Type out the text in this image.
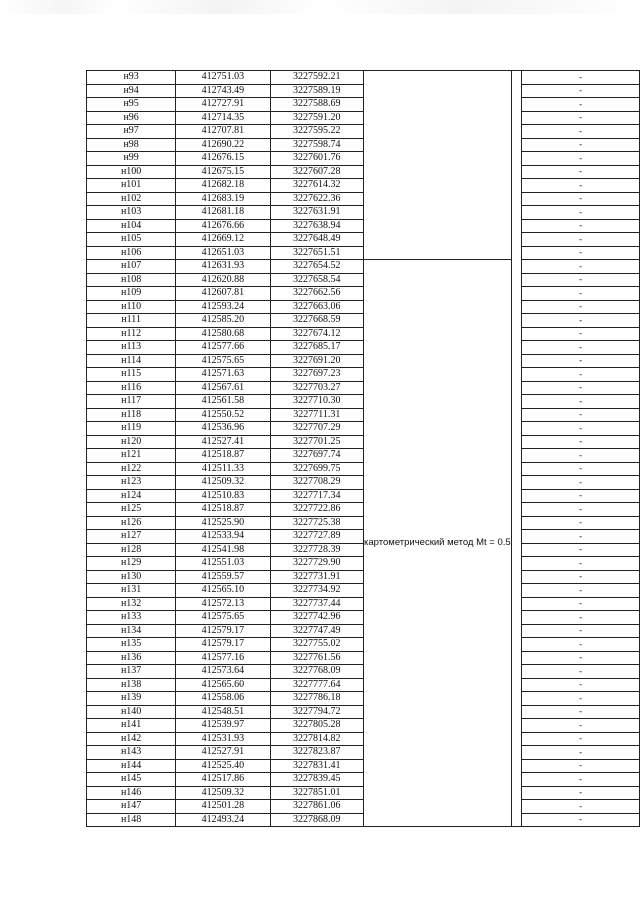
н93	412751.03	3227592.21			-
н94	412743.49	3227589.19			-
н95	412727.91	3227588.69			-
н96	412714.35	3227591.20			-
н97	412707.81	3227595.22			-
н98	412690.22	3227598.74			-
н99	412676.15	3227601.76			-
н100	412675.15	3227607.28			-
н101	412682.18	3227614.32			-
н102	412683.19	3227622.36			-
н103	412681.18	3227631.91			-
н104	412676.66	3227638.94			-
н105	412669.12	3227648.49			-
н106	412651.03	3227651.51			-
н107	412631.93	3227654.52	картометрический метод Mt = 0.5		-
н108	412620.88	3227658.54			-
н109	412607.81	3227662.56			-
н110	412593.24	3227663.06			-
н111	412585.20	3227668.59			-
н112	412580.68	3227674.12			-
н113	412577.66	3227685.17			-
н114	412575.65	3227691.20			-
н115	412571.63	3227697.23			-
н116	412567.61	3227703.27			-
н117	412561.58	3227710.30			-
н118	412550.52	3227711.31			-
н119	412536.96	3227707.29			-
н120	412527.41	3227701.25			-
н121	412518.87	3227697.74			-
н122	412511.33	3227699.75			-
н123	412509.32	3227708.29			-
н124	412510.83	3227717.34			-
н125	412518.87	3227722.86			-
н126	412525.90	3227725.38			-
н127	412533.94	3227727.89			-
н128	412541.98	3227728.39			-
н129	412551.03	3227729.90			-
н130	412559.57	3227731.91			-
н131	412565.10	3227734.92			-
н132	412572.13	3227737.44			-
н133	412575.65	3227742.96			-
н134	412579.17	3227747.49			-
н135	412579.17	3227755.02			-
н136	412577.16	3227761.56			-
н137	412573.64	3227768.09			-
н138	412565.60	3227777.64			-
н139	412558.06	3227786.18			-
н140	412548.51	3227794.72			-
н141	412539.97	3227805.28			-
н142	412531.93	3227814.82			-
н143	412527.91	3227823.87			-
н144	412525.40	3227831.41			-
н145	412517.86	3227839.45			-
н146	412509.32	3227851.01			-
н147	412501.28	3227861.06			-
н148	412493.24	3227868.09			-
